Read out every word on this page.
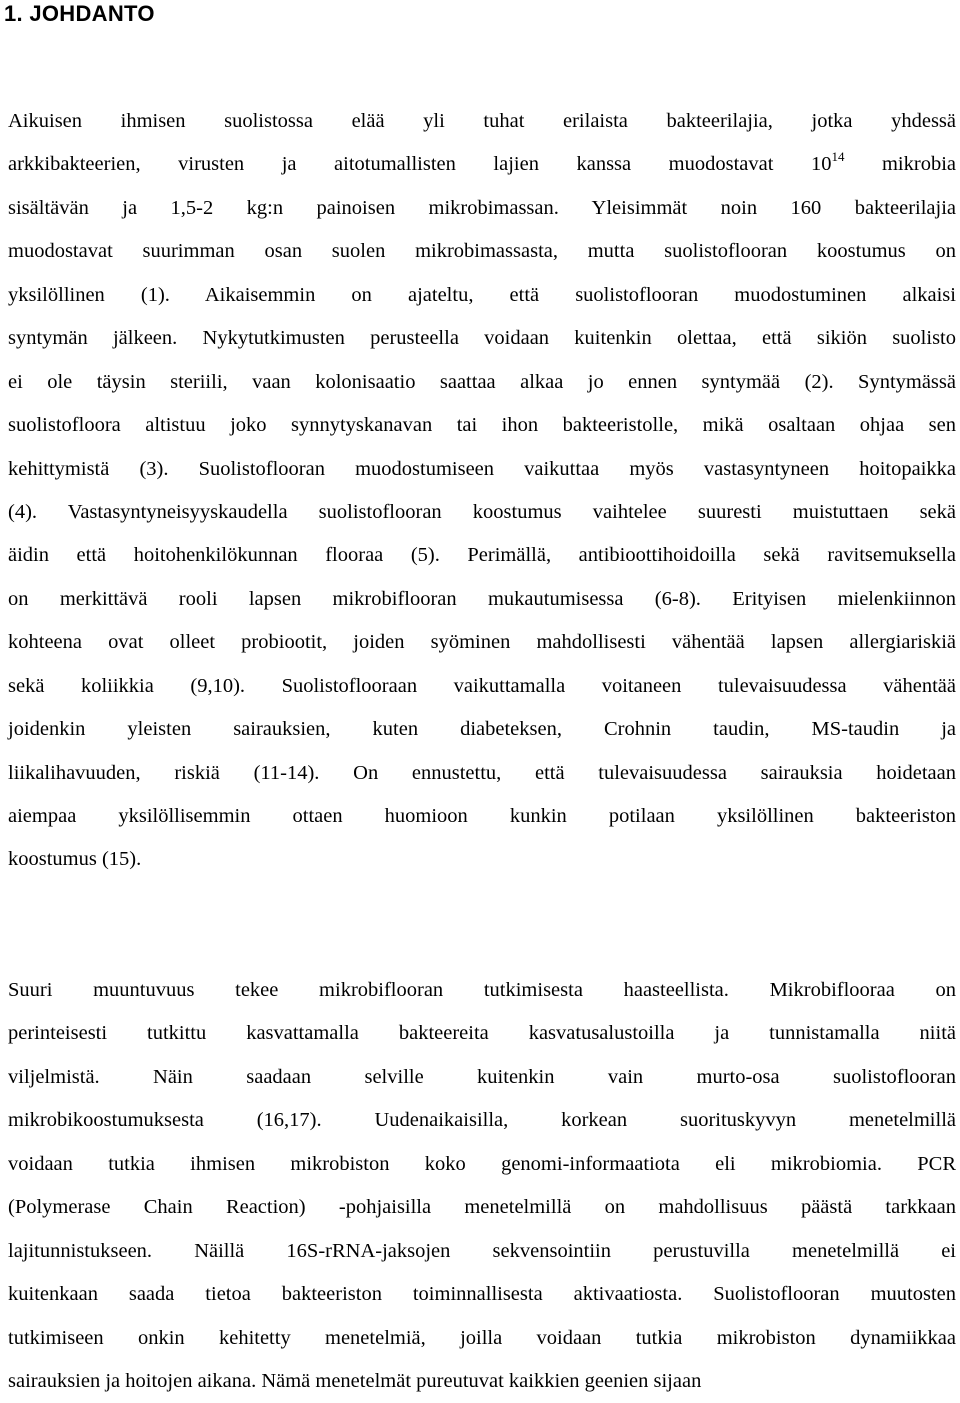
1. JOHDANTO
Aikuisen ihmisen suolistossa elää yli tuhat erilaista bakteerilajia, jotka yhdessä
arkkibakteerien, virusten ja aitotumallisten lajien kanssa muodostavat $10^{14}$ mikrobia
sisältävän ja 1,5-2 kg:n painoisen mikrobimassan. Yleisimmät noin 160 bakteerilajia
muodostavat suurimman osan suolen mikrobimassasta, mutta suolistoflooran koostumus on
yksilöllinen (1). Aikaisemmin on ajateltu, että suolistoflooran muodostuminen alkaisi
syntymän jälkeen. Nykytutkimusten perusteella voidaan kuitenkin olettaa, että sikiön suolisto
ei ole täysin steriili, vaan kolonisaatio saattaa alkaa jo ennen syntymää (2). Syntymässä
suolistofloora altistuu joko synnytyskanavan tai ihon bakteeristolle, mikä osaltaan ohjaa sen
kehittymistä (3). Suolistoflooran muodostumiseen vaikuttaa myös vastasyntyneen hoitopaikka
(4). Vastasyntyneisyyskaudella suolistoflooran koostumus vaihtelee suuresti muistuttaen sekä
äidin että hoitohenkilökunnan flooraa (5). Perimällä, antibioottihoidoilla sekä ravitsemuksella
on merkittävä rooli lapsen mikrobiflooran mukautumisessa (6-8). Erityisen mielenkiinnon
kohteena ovat olleet probiootit, joiden syöminen mahdollisesti vähentää lapsen allergiariskiä
sekä koliikkia (9,10). Suolistoflooraan vaikuttamalla voitaneen tulevaisuudessa vähentää
joidenkin yleisten sairauksien, kuten diabeteksen, Crohnin taudin, MS-taudin ja
liikalihavuuden, riskiä (11-14). On ennustettu, että tulevaisuudessa sairauksia hoidetaan
aiempaa yksilöllisemmin ottaen huomioon kunkin potilaan yksilöllinen bakteeriston
koostumus (15).
Suuri muuntuvuus tekee mikrobiflooran tutkimisesta haasteellista. Mikrobiflooraa on
perinteisesti tutkittu kasvattamalla bakteereita kasvatusalustoilla ja tunnistamalla niitä
viljelmistä. Näin saadaan selville kuitenkin vain murto-osa suolistoflooran
mikrobikoostumuksesta (16,17). Uudenaikaisilla, korkean suorituskyvyn menetelmillä
voidaan tutkia ihmisen mikrobiston koko genomi-informaatiota eli mikrobiomia. PCR
(Polymerase Chain Reaction) -pohjaisilla menetelmillä on mahdollisuus päästä tarkkaan
lajitunnistukseen. Näillä 16S-rRNA-jaksojen sekvensointiin perustuvilla menetelmillä ei
kuitenkaan saada tietoa bakteeriston toiminnallisesta aktivaatiosta. Suolistoflooran muutosten
tutkimiseen onkin kehitetty menetelmiä, joilla voidaan tutkia mikrobiston dynamiikkaa
sairauksien ja hoitojen aikana. Nämä menetelmät pureutuvat kaikkien geenien sijaan
